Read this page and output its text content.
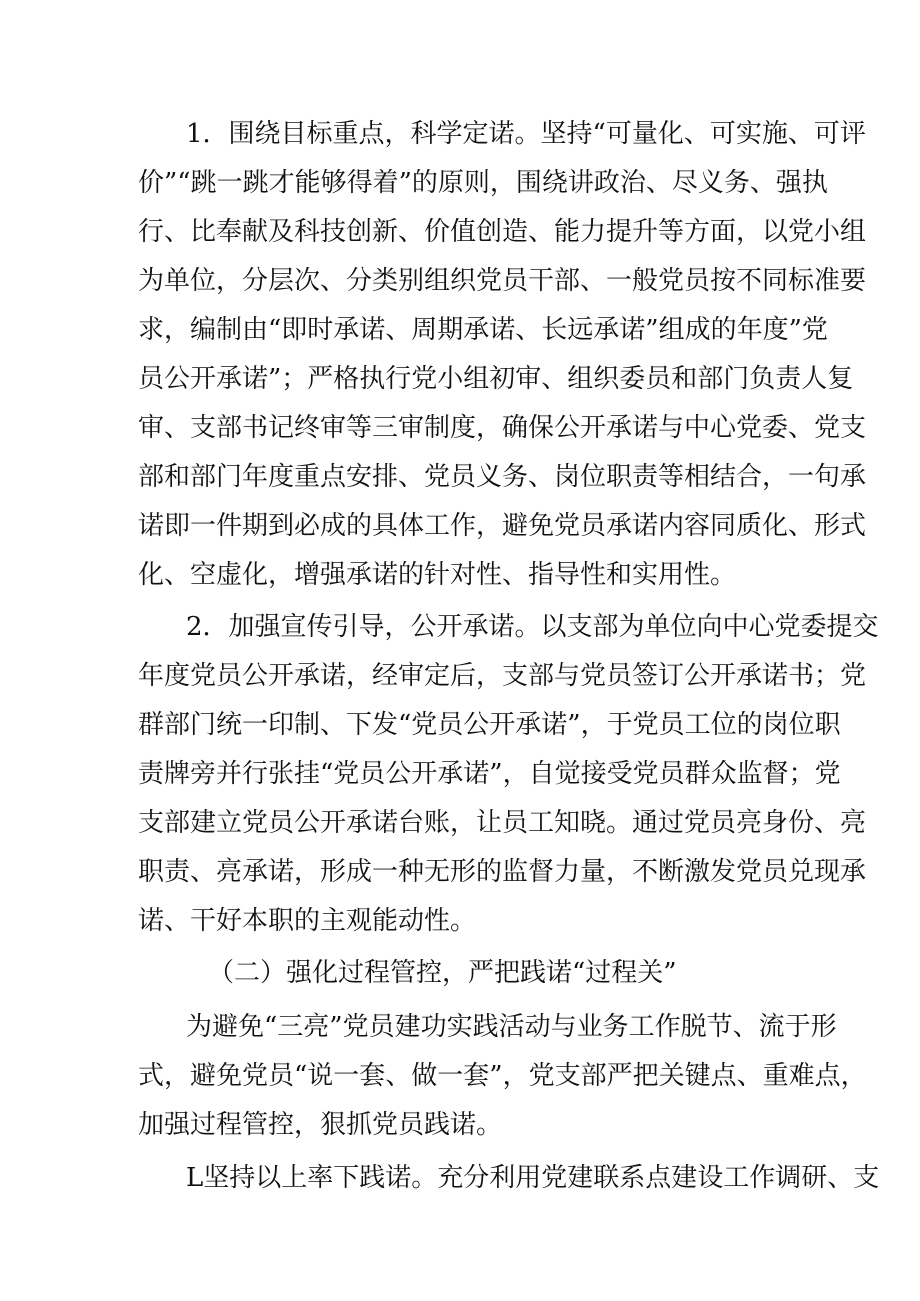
1．围绕目标重点，科学定诺。坚持“可量化、可实施、可评
价”“跳一跳才能够得着”的原则，围绕讲政治、尽义务、强执
行、比奉献及科技创新、价值创造、能力提升等方面，以党小组
为单位，分层次、分类别组织党员干部、一般党员按不同标准要
求，编制由“即时承诺、周期承诺、长远承诺”组成的年度”党
员公开承诺”；严格执行党小组初审、组织委员和部门负责人复
审、支部书记终审等三审制度，确保公开承诺与中心党委、党支
部和部门年度重点安排、党员义务、岗位职责等相结合，一句承
诺即一件期到必成的具体工作，避免党员承诺内容同质化、形式
化、空虚化，增强承诺的针对性、指导性和实用性。
2．加强宣传引导，公开承诺。以支部为单位向中心党委提交
年度党员公开承诺，经审定后，支部与党员签订公开承诺书；党
群部门统一印制、下发“党员公开承诺”，于党员工位的岗位职
责牌旁并行张挂“党员公开承诺”，自觉接受党员群众监督；党
支部建立党员公开承诺台账，让员工知晓。通过党员亮身份、亮
职责、亮承诺，形成一种无形的监督力量，不断激发党员兑现承
诺、干好本职的主观能动性。
（二）强化过程管控，严把践诺“过程关”
为避免“三亮”党员建功实践活动与业务工作脱节、流于形
式，避免党员“说一套、做一套”，党支部严把关键点、重难点，
加强过程管控，狠抓党员践诺。
L坚持以上率下践诺。充分利用党建联系点建设工作调研、支
